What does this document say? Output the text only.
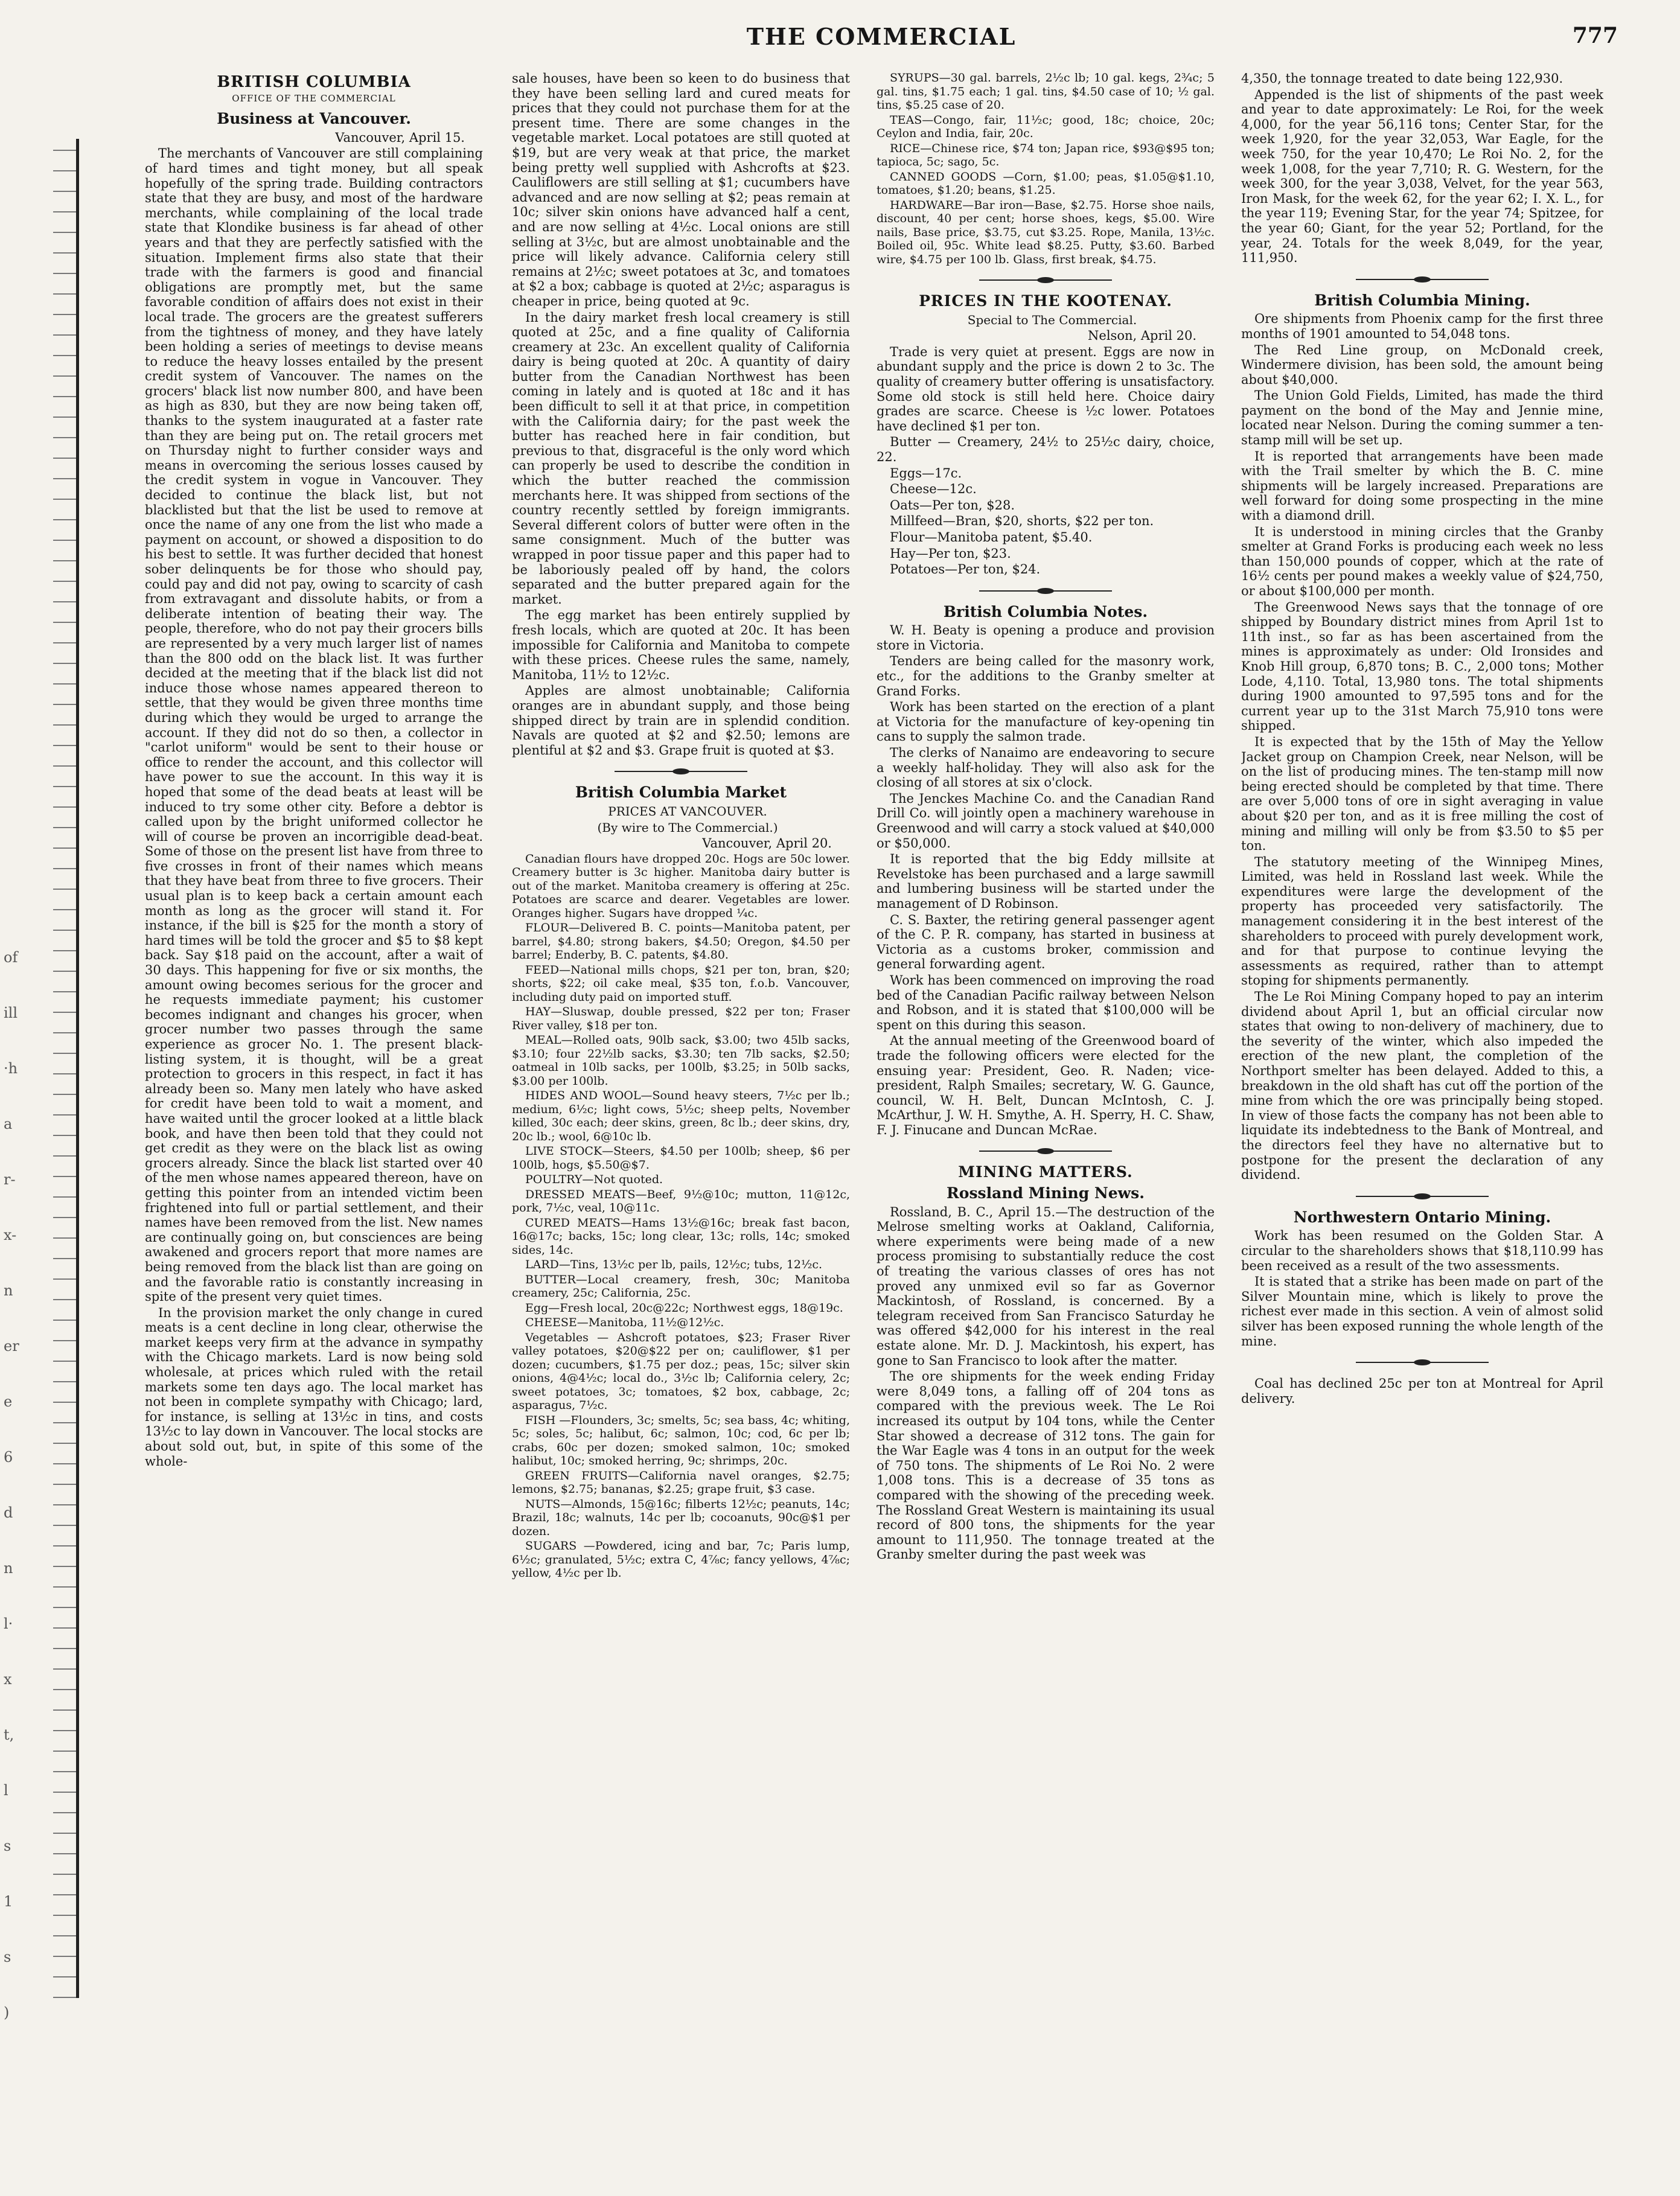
THE COMMERCIAL	777
of
ill
·h
a
r-
x-
n
er
e
6
d
n
l·
x
t,
l
s
1
s
)
BRITISH COLUMBIA
OFFICE OF THE COMMERCIAL
Business at Vancouver.

Vancouver, April 15.

The merchants of Vancouver are still complaining of hard times and tight money, but all speak hopefully of the spring trade. Building contractors state that they are busy, and most of the hardware merchants, while complaining of the local trade state that Klondike business is far ahead of other years and that they are perfectly satisfied with the situation. Implement firms also state that their trade with the farmers is good and financial obligations are promptly met, but the same favorable condition of affairs does not exist in their local trade. The grocers are the greatest sufferers from the tightness of money, and they have lately been holding a series of meetings to devise means to reduce the heavy losses entailed by the present credit system of Vancouver. The names on the grocers' black list now number 800, and have been as high as 830, but they are now being taken off, thanks to the system inaugurated at a faster rate than they are being put on. The retail grocers met on Thursday night to further consider ways and means in overcoming the serious losses caused by the credit system in vogue in Vancouver. They decided to continue the black list, but not blacklisted but that the list be used to remove at once the name of any one from the list who made a payment on account, or showed a disposition to do his best to settle. It was further decided that honest sober delinquents be for those who should pay, could pay and did not pay, owing to scarcity of cash from extravagant and dissolute habits, or from a deliberate intention of beating their way. The people, therefore, who do not pay their grocers bills are represented by a very much larger list of names than the 800 odd on the black list. It was further decided at the meeting that if the black list did not induce those whose names appeared thereon to settle, that they would be given three months time during which they would be urged to arrange the account. If they did not do so then, a collector in "carlot uniform" would be sent to their house or office to render the account, and this collector will have power to sue the account. In this way it is hoped that some of the dead beats at least will be induced to try some other city. Before a debtor is called upon by the bright uniformed collector he will of course be proven an incorrigible dead-beat. Some of those on the present list have from three to five crosses in front of their names which means that they have beat from three to five grocers. Their usual plan is to keep back a certain amount each month as long as the grocer will stand it. For instance, if the bill is $25 for the month a story of hard times will be told the grocer and $5 to $8 kept back. Say $18 paid on the account, after a wait of 30 days. This happening for five or six months, the amount owing becomes serious for the grocer and he requests immediate payment; his customer becomes indignant and changes his grocer, when grocer number two passes through the same experience as grocer No. 1. The present black-listing system, it is thought, will be a great protection to grocers in this respect, in fact it has already been so. Many men lately who have asked for credit have been told to wait a moment, and have waited until the grocer looked at a little black book, and have then been told that they could not get credit as they were on the black list as owing grocers already. Since the black list started over 40 of the men whose names appeared thereon, have on getting this pointer from an intended victim been frightened into full or partial settlement, and their names have been removed from the list. New names are continually going on, but consciences are being awakened and grocers report that more names are being removed from the black list than are going on and the favorable ratio is constantly increasing in spite of the present very quiet times.

In the provision market the only change in cured meats is a cent decline in long clear, otherwise the market keeps very firm at the advance in sympathy with the Chicago markets. Lard is now being sold wholesale, at prices which ruled with the retail markets some ten days ago. The local market has not been in complete sympathy with Chicago; lard, for instance, is selling at 13½c in tins, and costs 13½c to lay down in Vancouver. The local stocks are about sold out, but, in spite of this some of the whole-

sale houses, have been so keen to do business that they have been selling lard and cured meats for prices that they could not purchase them for at the present time. There are some changes in the vegetable market. Local potatoes are still quoted at $19, but are very weak at that price, the market being pretty well supplied with Ashcrofts at $23. Cauliflowers are still selling at $1; cucumbers have advanced and are now selling at $2; peas remain at 10c; silver skin onions have advanced half a cent, and are now selling at 4½c. Local onions are still selling at 3½c, but are almost unobtainable and the price will likely advance. California celery still remains at 2½c; sweet potatoes at 3c, and tomatoes at $2 a box; cabbage is quoted at 2½c; asparagus is cheaper in price, being quoted at 9c.

In the dairy market fresh local creamery is still quoted at 25c, and a fine quality of California creamery at 23c. An excellent quality of California dairy is being quoted at 20c. A quantity of dairy butter from the Canadian Northwest has been coming in lately and is quoted at 18c and it has been difficult to sell it at that price, in competition with the California dairy; for the past week the butter has reached here in fair condition, but previous to that, disgraceful is the only word which can properly be used to describe the condition in which the butter reached the commission merchants here. It was shipped from sections of the country recently settled by foreign immigrants. Several different colors of butter were often in the same consignment. Much of the butter was wrapped in poor tissue paper and this paper had to be laboriously pealed off by hand, the colors separated and the butter prepared again for the market.

The egg market has been entirely supplied by fresh locals, which are quoted at 20c. It has been impossible for California and Manitoba to compete with these prices. Cheese rules the same, namely, Manitoba, 11½ to 12½c.

Apples are almost unobtainable; California oranges are in abundant supply, and those being shipped direct by train are in splendid condition. Navals are quoted at $2 and $2.50; lemons are plentiful at $2 and $3. Grape fruit is quoted at $3.

British Columbia Market

PRICES AT VANCOUVER.

(By wire to The Commercial.)

Vancouver, April 20.

Canadian flours have dropped 20c. Hogs are 50c lower. Creamery butter is 3c higher. Manitoba dairy butter is out of the market. Manitoba creamery is offering at 25c. Potatoes are scarce and dearer. Vegetables are lower. Oranges higher. Sugars have dropped ¼c.

FLOUR—Delivered B. C. points—Manitoba patent, per barrel, $4.80; strong bakers, $4.50; Oregon, $4.50 per barrel; Enderby, B. C. patents, $4.80.

FEED—National mills chops, $21 per ton, bran, $20; shorts, $22; oil cake meal, $35 ton, f.o.b. Vancouver, including duty paid on imported stuff.

HAY—Sluswap, double pressed, $22 per ton; Fraser River valley, $18 per ton.

MEAL—Rolled oats, 90lb sack, $3.00; two 45lb sacks, $3.10; four 22½lb sacks, $3.30; ten 7lb sacks, $2.50; oatmeal in 10lb sacks, per 100lb, $3.25; in 50lb sacks, $3.00 per 100lb.

HIDES AND WOOL—Sound heavy steers, 7½c per lb.; medium, 6½c; light cows, 5½c; sheep pelts, November killed, 30c each; deer skins, green, 8c lb.; deer skins, dry, 20c lb.; wool, 6@10c lb.

LIVE STOCK—Steers, $4.50 per 100lb; sheep, $6 per 100lb, hogs, $5.50@$7.

POULTRY—Not quoted.

DRESSED MEATS—Beef, 9½@10c; mutton, 11@12c, pork, 7½c, veal, 10@11c.

CURED MEATS—Hams 13½@16c; break fast bacon, 16@17c; backs, 15c; long clear, 13c; rolls, 14c; smoked sides, 14c.

LARD—Tins, 13½c per lb, pails, 12½c; tubs, 12½c.

BUTTER—Local creamery, fresh, 30c; Manitoba creamery, 25c; California, 25c.

Egg—Fresh local, 20c@22c; Northwest eggs, 18@19c.

CHEESE—Manitoba, 11½@12½c.

Vegetables — Ashcroft potatoes, $23; Fraser River valley potatoes, $20@$22 per on; cauliflower, $1 per dozen; cucumbers, $1.75 per doz.; peas, 15c; silver skin onions, 4@4½c; local do., 3½c lb; California celery, 2c; sweet potatoes, 3c; tomatoes, $2 box, cabbage, 2c; asparagus, 7½c.

FISH —Flounders, 3c; smelts, 5c; sea bass, 4c; whiting, 5c; soles, 5c; halibut, 6c; salmon, 10c; cod, 6c per lb; crabs, 60c per dozen; smoked salmon, 10c; smoked halibut, 10c; smoked herring, 9c; shrimps, 20c.

GREEN FRUITS—California navel oranges, $2.75; lemons, $2.75; bananas, $2.25; grape fruit, $3 case.

NUTS—Almonds, 15@16c; filberts 12½c; peanuts, 14c; Brazil, 18c; walnuts, 14c per lb; cocoanuts, 90c@$1 per dozen.

SUGARS —Powdered, icing and bar, 7c; Paris lump, 6½c; granulated, 5½c; extra C, 4⅞c; fancy yellows, 4⅞c; yellow, 4½c per lb.

SYRUPS—30 gal. barrels, 2½c lb; 10 gal. kegs, 2¾c; 5 gal. tins, $1.75 each; 1 gal. tins, $4.50 case of 10; ½ gal. tins, $5.25 case of 20.

TEAS—Congo, fair, 11½c; good, 18c; choice, 20c; Ceylon and India, fair, 20c.

RICE—Chinese rice, $74 ton; Japan rice, $93@$95 ton; tapioca, 5c; sago, 5c.

CANNED GOODS —Corn, $1.00; peas, $1.05@$1.10, tomatoes, $1.20; beans, $1.25.

HARDWARE—Bar iron—Base, $2.75. Horse shoe nails, discount, 40 per cent; horse shoes, kegs, $5.00. Wire nails, Base price, $3.75, cut $3.25. Rope, Manila, 13½c. Boiled oil, 95c. White lead $8.25. Putty, $3.60. Barbed wire, $4.75 per 100 lb. Glass, first break, $4.75.

PRICES IN THE KOOTENAY.

Special to The Commercial.

Nelson, April 20.

Trade is very quiet at present. Eggs are now in abundant supply and the price is down 2 to 3c. The quality of creamery butter offering is unsatisfactory. Some old stock is still held here. Choice dairy grades are scarce. Cheese is ½c lower. Potatoes have declined $1 per ton.

Butter — Creamery, 24½ to 25½c dairy, choice, 22.

Eggs—17c.

Cheese—12c.

Oats—Per ton, $28.

Millfeed—Bran, $20, shorts, $22 per ton.

Flour—Manitoba patent, $5.40.

Hay—Per ton, $23.

Potatoes—Per ton, $24.

British Columbia Notes.

W. H. Beaty is opening a produce and provision store in Victoria.

Tenders are being called for the masonry work, etc., for the additions to the Granby smelter at Grand Forks.

Work has been started on the erection of a plant at Victoria for the manufacture of key-opening tin cans to supply the salmon trade.

The clerks of Nanaimo are endeavoring to secure a weekly half-holiday. They will also ask for the closing of all stores at six o'clock.

The Jenckes Machine Co. and the Canadian Rand Drill Co. will jointly open a machinery warehouse in Greenwood and will carry a stock valued at $40,000 or $50,000.

It is reported that the big Eddy millsite at Revelstoke has been purchased and a large sawmill and lumbering business will be started under the management of D Robinson.

C. S. Baxter, the retiring general passenger agent of the C. P. R. company, has started in business at Victoria as a customs broker, commission and general forwarding agent.

Work has been commenced on improving the road bed of the Canadian Pacific railway between Nelson and Robson, and it is stated that $100,000 will be spent on this during this season.

At the annual meeting of the Greenwood board of trade the following officers were elected for the ensuing year: President, Geo. R. Naden; vice-president, Ralph Smailes; secretary, W. G. Gaunce, council, W. H. Belt, Duncan McIntosh, C. J. McArthur, J. W. H. Smythe, A. H. Sperry, H. C. Shaw, F. J. Finucane and Duncan McRae.

MINING MATTERS.
Rossland Mining News.

Rossland, B. C., April 15.—The destruction of the Melrose smelting works at Oakland, California, where experiments were being made of a new process promising to substantially reduce the cost of treating the various classes of ores has not proved any unmixed evil so far as Governor Mackintosh, of Rossland, is concerned. By a telegram received from San Francisco Saturday he was offered $42,000 for his interest in the real estate alone. Mr. D. J. Mackintosh, his expert, has gone to San Francisco to look after the matter.

The ore shipments for the week ending Friday were 8,049 tons, a falling off of 204 tons as compared with the previous week. The Le Roi increased its output by 104 tons, while the Center Star showed a decrease of 312 tons. The gain for the War Eagle was 4 tons in an output for the week of 750 tons. The shipments of Le Roi No. 2 were 1,008 tons. This is a decrease of 35 tons as compared with the showing of the preceding week. The Rossland Great Western is maintaining its usual record of 800 tons, the shipments for the year amount to 111,950. The tonnage treated at the Granby smelter during the past week was

4,350, the tonnage treated to date being 122,930.

Appended is the list of shipments of the past week and year to date approximately: Le Roi, for the week 4,000, for the year 56,116 tons; Center Star, for the week 1,920, for the year 32,053, War Eagle, for the week 750, for the year 10,470; Le Roi No. 2, for the week 1,008, for the year 7,710; R. G. Western, for the week 300, for the year 3,038, Velvet, for the year 563, Iron Mask, for the week 62, for the year 62; I. X. L., for the year 119; Evening Star, for the year 74; Spitzee, for the year 60; Giant, for the year 52; Portland, for the year, 24. Totals for the week 8,049, for the year, 111,950.

British Columbia Mining.

Ore shipments from Phoenix camp for the first three months of 1901 amounted to 54,048 tons.

The Red Line group, on McDonald creek, Windermere division, has been sold, the amount being about $40,000.

The Union Gold Fields, Limited, has made the third payment on the bond of the May and Jennie mine, located near Nelson. During the coming summer a ten-stamp mill will be set up.

It is reported that arrangements have been made with the Trail smelter by which the B. C. mine shipments will be largely increased. Preparations are well forward for doing some prospecting in the mine with a diamond drill.

It is understood in mining circles that the Granby smelter at Grand Forks is producing each week no less than 150,000 pounds of copper, which at the rate of 16½ cents per pound makes a weekly value of $24,750, or about $100,000 per month.

The Greenwood News says that the tonnage of ore shipped by Boundary district mines from April 1st to 11th inst., so far as has been ascertained from the mines is approximately as under: Old Ironsides and Knob Hill group, 6,870 tons; B. C., 2,000 tons; Mother Lode, 4,110. Total, 13,980 tons. The total shipments during 1900 amounted to 97,595 tons and for the current year up to the 31st March 75,910 tons were shipped.

It is expected that by the 15th of May the Yellow Jacket group on Champion Creek, near Nelson, will be on the list of producing mines. The ten-stamp mill now being erected should be completed by that time. There are over 5,000 tons of ore in sight averaging in value about $20 per ton, and as it is free milling the cost of mining and milling will only be from $3.50 to $5 per ton.

The statutory meeting of the Winnipeg Mines, Limited, was held in Rossland last week. While the expenditures were large the development of the property has proceeded very satisfactorily. The management considering it in the best interest of the shareholders to proceed with purely development work, and for that purpose to continue levying the assessments as required, rather than to attempt stoping for shipments permanently.

The Le Roi Mining Company hoped to pay an interim dividend about April 1, but an official circular now states that owing to non-delivery of machinery, due to the severity of the winter, which also impeded the erection of the new plant, the completion of the Northport smelter has been delayed. Added to this, a breakdown in the old shaft has cut off the portion of the mine from which the ore was principally being stoped. In view of those facts the company has not been able to liquidate its indebtedness to the Bank of Montreal, and the directors feel they have no alternative but to postpone for the present the declaration of any dividend.

Northwestern Ontario Mining.

Work has been resumed on the Golden Star. A circular to the shareholders shows that $18,110.99 has been received as a result of the two assessments.

It is stated that a strike has been made on part of the Silver Mountain mine, which is likely to prove the richest ever made in this section. A vein of almost solid silver has been exposed running the whole length of the mine.

Coal has declined 25c per ton at Montreal for April delivery.
